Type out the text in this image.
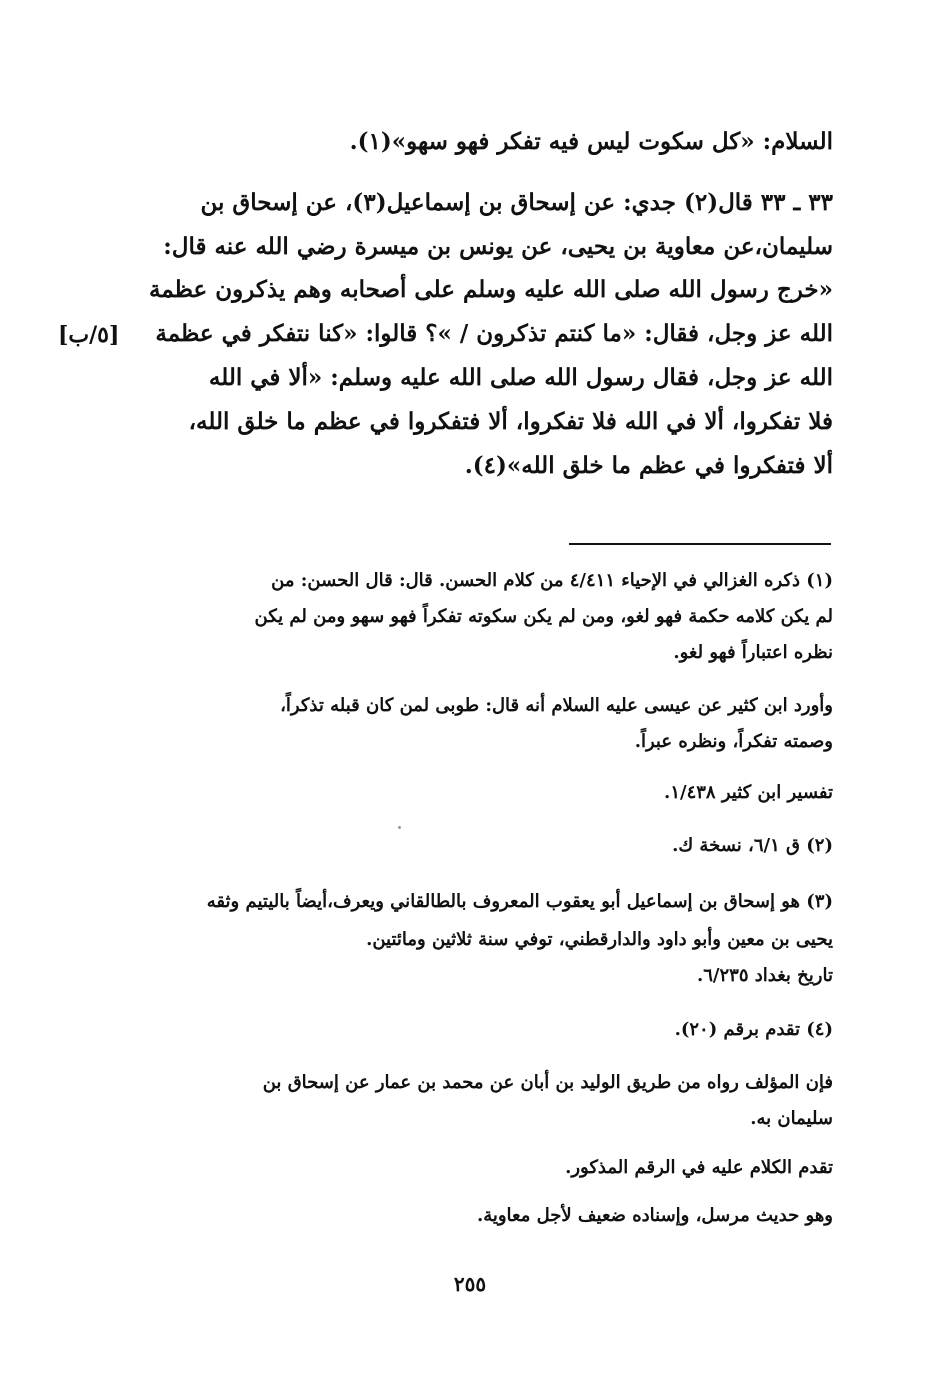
السلام: «كل سكوت ليس فيه تفكر فهو سهو»(١).
٣٣ ـ ٣٣ قال(٢) جدي: عن إسحاق بن إسماعيل(٣)، عن إسحاق بن
سليمان،عن معاوية بن يحيى، عن يونس بن ميسرة رضي الله عنه قال:
«خرج رسول الله صلى الله عليه وسلم على أصحابه وهم يذكرون عظمة
الله عز وجل، فقال: «ما كنتم تذكرون / »؟ قالوا: «كنا نتفكر في عظمة
الله عز وجل، فقال رسول الله صلى الله عليه وسلم: «ألا في الله
فلا تفكروا، ألا في الله فلا تفكروا، ألا فتفكروا في عظم ما خلق الله،
ألا فتفكروا في عظم ما خلق الله»(٤).
[٥/ب]
(١) ذكره الغزالي في الإحياء ٤/٤١١ من كلام الحسن. قال: قال الحسن: من
لم يكن كلامه حكمة فهو لغو، ومن لم يكن سكوته تفكراً فهو سهو ومن لم يكن
نظره اعتباراً فهو لغو.
وأورد ابن كثير عن عيسى عليه السلام أنه قال: طوبى لمن كان قبله تذكراً،
وصمته تفكراً، ونظره عبراً.
تفسير ابن كثير ١/٤٣٨.
(٢) ق ٦/١، نسخة ك.
(٣) هو إسحاق بن إسماعيل أبو يعقوب المعروف بالطالقاني ويعرف،أيضاً باليتيم وثقه
يحيى بن معين وأبو داود والدارقطني، توفي سنة ثلاثين ومائتين.
تاريخ بغداد ٦/٢٣٥.
(٤) تقدم برقم (٢٠).
فإن المؤلف رواه من طريق الوليد بن أبان عن محمد بن عمار عن إسحاق بن
سليمان به.
تقدم الكلام عليه في الرقم المذكور.
وهو حديث مرسل، وإسناده ضعيف لأجل معاوية.
٢٥٥
